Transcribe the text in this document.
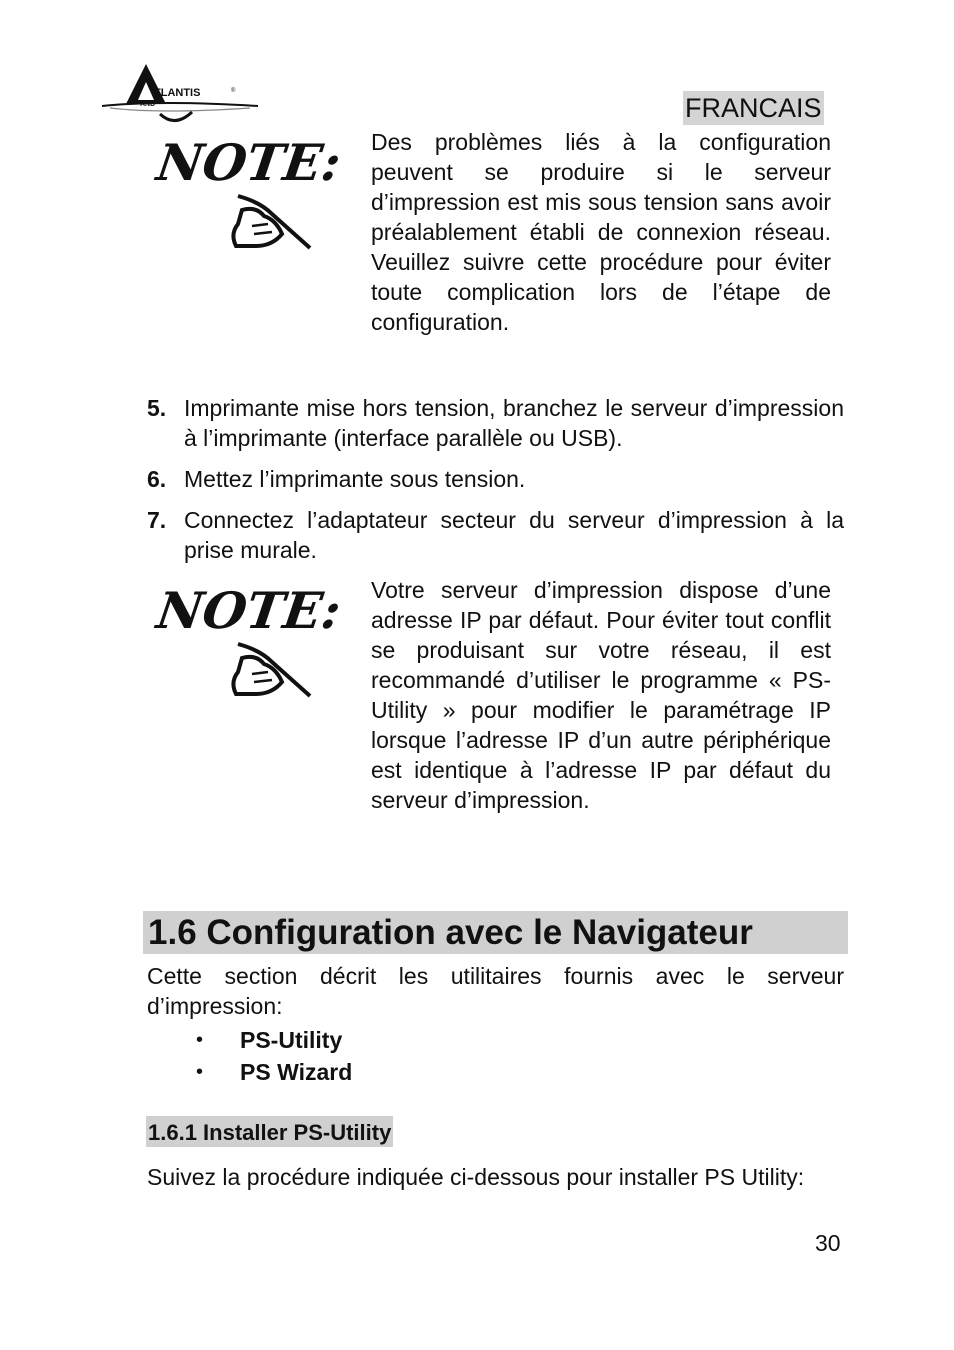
TLANTIS
AND
®
FRANCAIS
NOTE: Des problèmes liés à la configuration peuvent se produire si le serveur d’impression est mis sous tension sans avoir préalablement établi de connexion réseau. Veuillez suivre cette procédure pour éviter toute complication lors de l’étape de configuration.

5. Imprimante mise hors tension, branchez le serveur d’impression à l’imprimante (interface parallèle ou USB).
6. Mettez l’imprimante sous tension.
7. Connectez l’adaptateur secteur du serveur d’impression à la prise murale.
NOTE: Votre serveur d’impression dispose d’une adresse IP par défaut. Pour éviter tout conflit se produisant sur votre réseau, il est recommandé d’utiliser le programme « PS-Utility » pour modifier le paramétrage IP lorsque l’adresse IP d’un autre périphérique est identique à l’adresse IP par défaut du serveur d’impression.

1.6 Configuration avec le Navigateur

Cette section décrit les utilitaires fournis avec le serveur d’impression:

• PS-Utility
• PS Wizard
1.6.1 Installer PS-Utility

Suivez la procédure indiquée ci-dessous pour installer PS Utility:

30
